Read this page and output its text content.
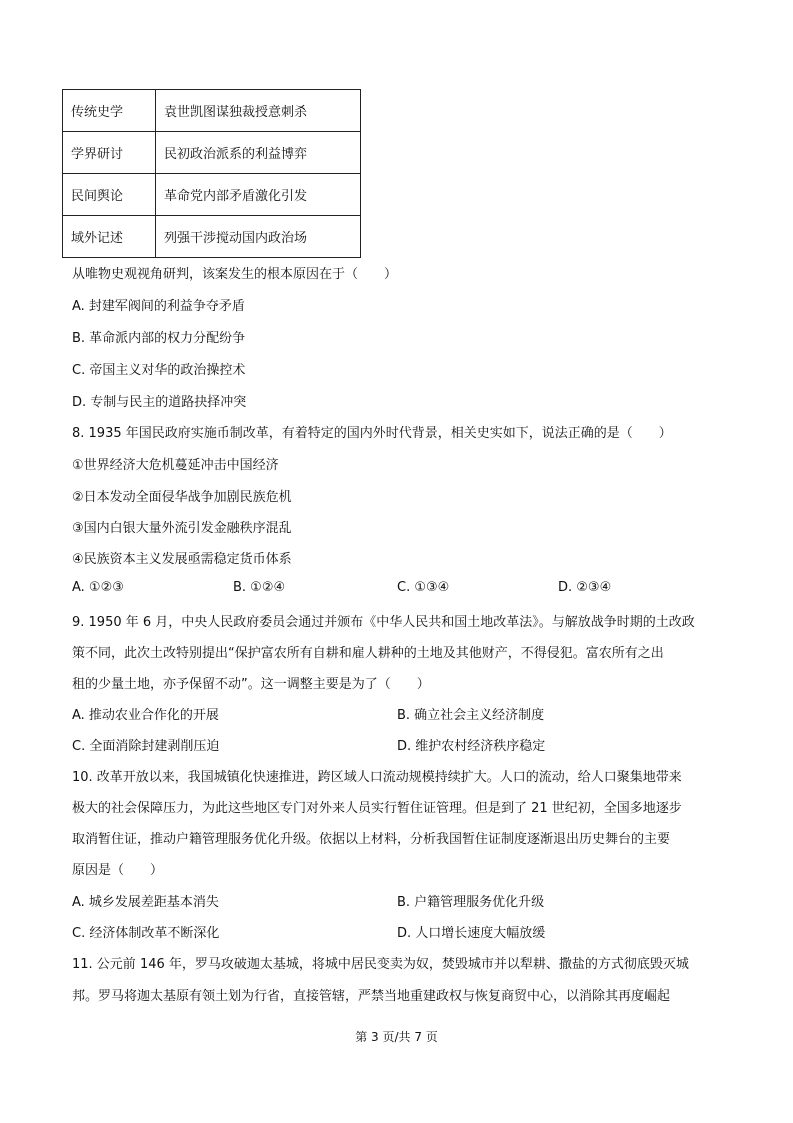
传统史学	袁世凯图谋独裁授意刺杀
学界研讨	民初政治派系的利益博弈
民间舆论	革命党内部矛盾激化引发
域外记述	列强干涉搅动国内政治场
从唯物史观视角研判，该案发生的根本原因在于（　　）
A. 封建军阀间的利益争夺矛盾
B. 革命派内部的权力分配纷争
C. 帝国主义对华的政治操控术
D. 专制与民主的道路抉择冲突
8. 1935 年国民政府实施币制改革，有着特定的国内外时代背景，相关史实如下，说法正确的是（　　）
①世界经济大危机蔓延冲击中国经济
②日本发动全面侵华战争加剧民族危机
③国内白银大量外流引发金融秩序混乱
④民族资本主义发展亟需稳定货币体系
A. ①②③	B. ①②④	C. ①③④	D. ②③④
9. 1950 年 6 月，中央人民政府委员会通过并颁布《中华人民共和国土地改革法》。与解放战争时期的土改政
策不同，此次土改特别提出“保护富农所有自耕和雇人耕种的土地及其他财产，不得侵犯。富农所有之出
租的少量土地，亦予保留不动”。这一调整主要是为了（　　）
A. 推动农业合作化的开展	B. 确立社会主义经济制度
C. 全面消除封建剥削压迫	D. 维护农村经济秩序稳定
10. 改革开放以来，我国城镇化快速推进，跨区域人口流动规模持续扩大。人口的流动，给人口聚集地带来
极大的社会保障压力，为此这些地区专门对外来人员实行暂住证管理。但是到了 21 世纪初，全国多地逐步
取消暂住证，推动户籍管理服务优化升级。依据以上材料，分析我国暂住证制度逐渐退出历史舞台的主要
原因是（　　）
A. 城乡发展差距基本消失	B. 户籍管理服务优化升级
C. 经济体制改革不断深化	D. 人口增长速度大幅放缓
11. 公元前 146 年，罗马攻破迦太基城，将城中居民变卖为奴，焚毁城市并以犁耕、撒盐的方式彻底毁灭城
邦。罗马将迦太基原有领土划为行省，直接管辖，严禁当地重建政权与恢复商贸中心，以消除其再度崛起
第 3 页/共 7 页
